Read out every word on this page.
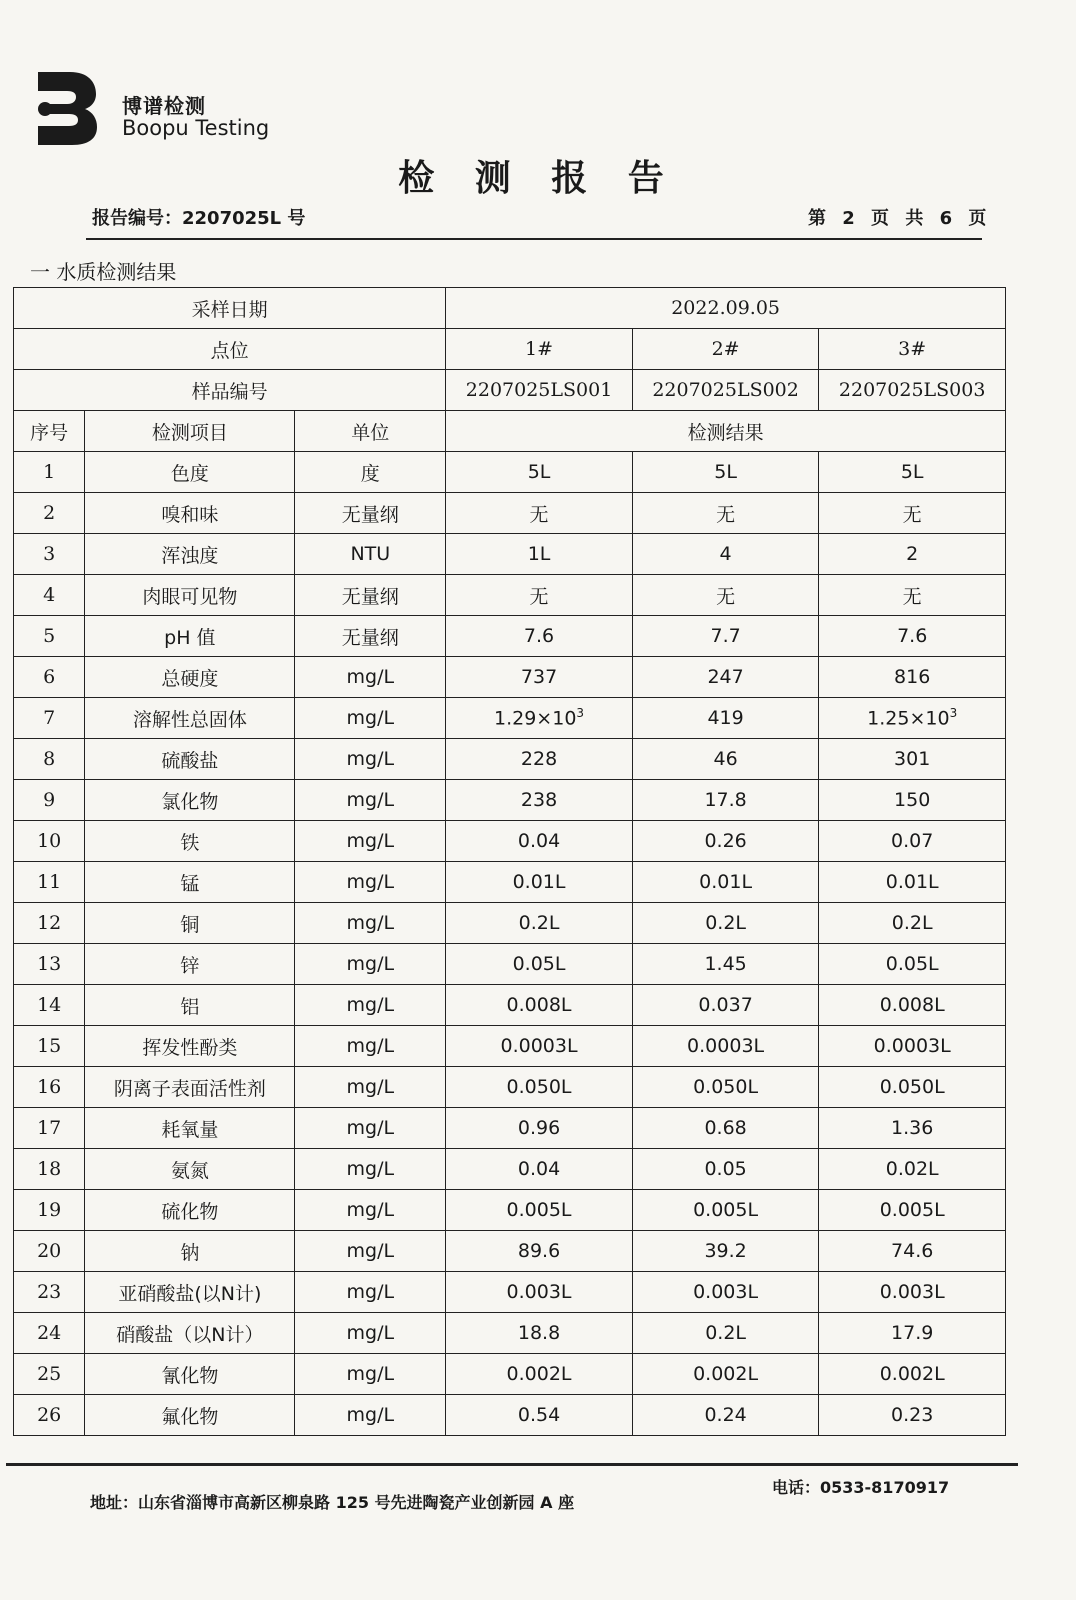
博谱检测
Boopu Testing
检 测 报 告
报告编号：2207025L 号	第 2 页 共 6 页
一 水质检测结果
采样日期			2022.09.05		
点位			1#	2#	3#
样品编号			2207025LS001	2207025LS002	2207025LS003
序号	检测项目	单位	检测结果		
1	色度	度	5L	5L	5L
2	嗅和味	无量纲	无	无	无
3	浑浊度	NTU	1L	4	2
4	肉眼可见物	无量纲	无	无	无
5	pH 值	无量纲	7.6	7.7	7.6
6	总硬度	mg/L	737	247	816
7	溶解性总固体	mg/L	$1.29\times 10^3$	419	$1.25\times 10^3$
8	硫酸盐	mg/L	228	46	301
9	氯化物	mg/L	238	17.8	150
10	铁	mg/L	0.04	0.26	0.07
11	锰	mg/L	0.01L	0.01L	0.01L
12	铜	mg/L	0.2L	0.2L	0.2L
13	锌	mg/L	0.05L	1.45	0.05L
14	铝	mg/L	0.008L	0.037	0.008L
15	挥发性酚类	mg/L	0.0003L	0.0003L	0.0003L
16	阴离子表面活性剂	mg/L	0.050L	0.050L	0.050L
17	耗氧量	mg/L	0.96	0.68	1.36
18	氨氮	mg/L	0.04	0.05	0.02L
19	硫化物	mg/L	0.005L	0.005L	0.005L
20	钠	mg/L	89.6	39.2	74.6
23	亚硝酸盐(以N计)	mg/L	0.003L	0.003L	0.003L
24	硝酸盐（以N计）	mg/L	18.8	0.2L	17.9
25	氰化物	mg/L	0.002L	0.002L	0.002L
26	氟化物	mg/L	0.54	0.24	0.23
地址：山东省淄博市高新区柳泉路 125 号先进陶瓷产业创新园 A 座
电话：0533-8170917
